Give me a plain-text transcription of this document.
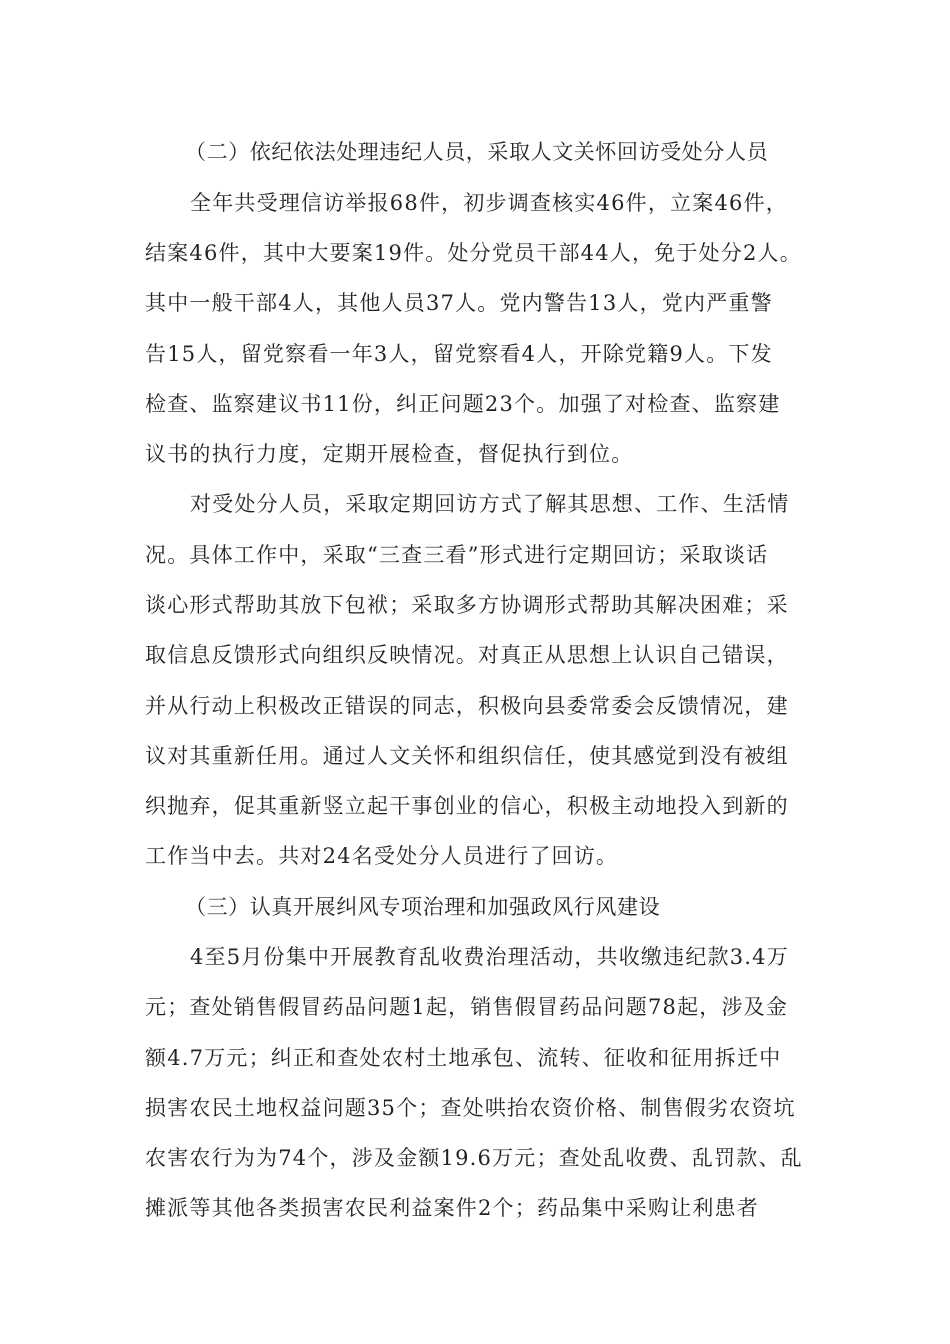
（二）依纪依法处理违纪人员，采取人文关怀回访受处分人员
全年共受理信访举报68件，初步调查核实46件，立案46件，
结案46件，其中大要案19件。处分党员干部44人，免于处分2人。
其中一般干部4人，其他人员37人。党内警告13人，党内严重警
告15人，留党察看一年3人，留党察看4人，开除党籍9人。下发
检查、监察建议书11份，纠正问题23个。加强了对检查、监察建
议书的执行力度，定期开展检查，督促执行到位。
对受处分人员，采取定期回访方式了解其思想、工作、生活情
况。具体工作中，采取“三查三看”形式进行定期回访；采取谈话
谈心形式帮助其放下包袱；采取多方协调形式帮助其解决困难；采
取信息反馈形式向组织反映情况。对真正从思想上认识自己错误，
并从行动上积极改正错误的同志，积极向县委常委会反馈情况，建
议对其重新任用。通过人文关怀和组织信任，使其感觉到没有被组
织抛弃，促其重新竖立起干事创业的信心，积极主动地投入到新的
工作当中去。共对24名受处分人员进行了回访。
（三）认真开展纠风专项治理和加强政风行风建设
4至5月份集中开展教育乱收费治理活动，共收缴违纪款3.4万
元；查处销售假冒药品问题1起，销售假冒药品问题78起，涉及金
额4.7万元；纠正和查处农村土地承包、流转、征收和征用拆迁中
损害农民土地权益问题35个；查处哄抬农资价格、制售假劣农资坑
农害农行为为74个，涉及金额19.6万元；查处乱收费、乱罚款、乱
摊派等其他各类损害农民利益案件2个；药品集中采购让利患者
